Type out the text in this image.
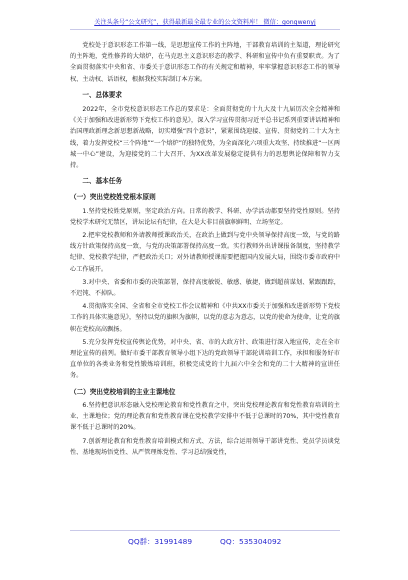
关注头条号“公文研究”，获得最新最全最专业的公文资料库！ 微信：gongwenyj

党校处于意识形态工作第一线，是思想宣传工作的主阵地，干部教育培训的主渠道，理论研究的主阵地，党性修养的大熔炉，在马克思主义意识形态的教学、科研和宣传中负有重要职责。为了全面贯彻落实中央和省、市委关于意识形态工作的有关规定和精神，牢牢掌握意识形态工作的领导权、主动权、话语权，根据我校实际制订本方案。

一、总体要求

2022年，全市党校意识形态工作总的要求是：全面贯彻党的十九大及十九届历次全会精神和《关于加强和改进新形势下党校工作的意见》，深入学习宣传贯彻习近平总书记系列重要讲话精神和治国理政新理念新思想新战略，切实增强“四个意识”，紧紧围绕迎接、宣传、贯彻党的二十大为主线，着力发挥党校“三个阵地”“一个熔炉”的独特优势，为全面深化六项重大攻坚、持续推进“一区两城一中心”建设，为迎接党的二十大召开、为XX改革发展稳定提供有力的思想舆论保障和智力支持。

二、基本任务
（一）突出党校姓党根本原则

1.坚持党校姓党原则，坚定政治方向。日常的教学、科研、办学活动都要坚持党性原则。坚持党校学术研究无禁区，讲坛论坛有纪律，在大是大非目前旗帜鲜明、立场坚定。

2.把牢党校教师和外请教师授课政治关，在政治上做到与党中央领导保持高度一致，与党的路线方针政策保持高度一致，与党的决策部署保持高度一致。实行教师外出讲课报备制度，坚持教学纪律、党校教学纪律，严把政治关口；对外请教师授课需要把握国内发展大局，围绕市委市政府中心工作展开。

3.对中央、省委和市委的决策部署，保持高度敏锐、敏感、敏捷，做到超前谋划、紧跟跟踪，不迟钝、不掉队。

4.贯彻落实全国、全省和全市党校工作会议精神和《中共XX市委关于加强和改进新形势下党校工作的具体实施意见》，坚持以党的旗帜为旗帜，以党的意志为意志，以党的使命为使命，让党的旗帜在党校高高飘扬。

5.充分发挥党校宣传舆论优势，对中央、省、市的大政方针、政策进行深入地宣传，走在全市理论宣传的前列。做好市委干部教育领导小组下达的党政领导干部轮训培训工作，承担和服务好市直单位的各类业务和党性锻炼培训班，积极完成党的十九届六中全会和党的二十大精神的宣讲任务。

（二）突出党校培训的主业主课地位

6.坚持把意识形态融入党校理论教育和党性教育之中，突出党校理论教育和党性教育培训的主业、主课地位；党的理论教育和党性教育课在党校教学安排中不低于总课时的70%，其中党性教育课不低于总课时的20%。

7.创新理论教育和党性教育培训模式和方式、方法，综合运用领导干部讲党性、党员学员谈党性、基地现场悟党性、从严管理炼党性、学习总结强党性，

QQ群：31991489	QQ：535304092
